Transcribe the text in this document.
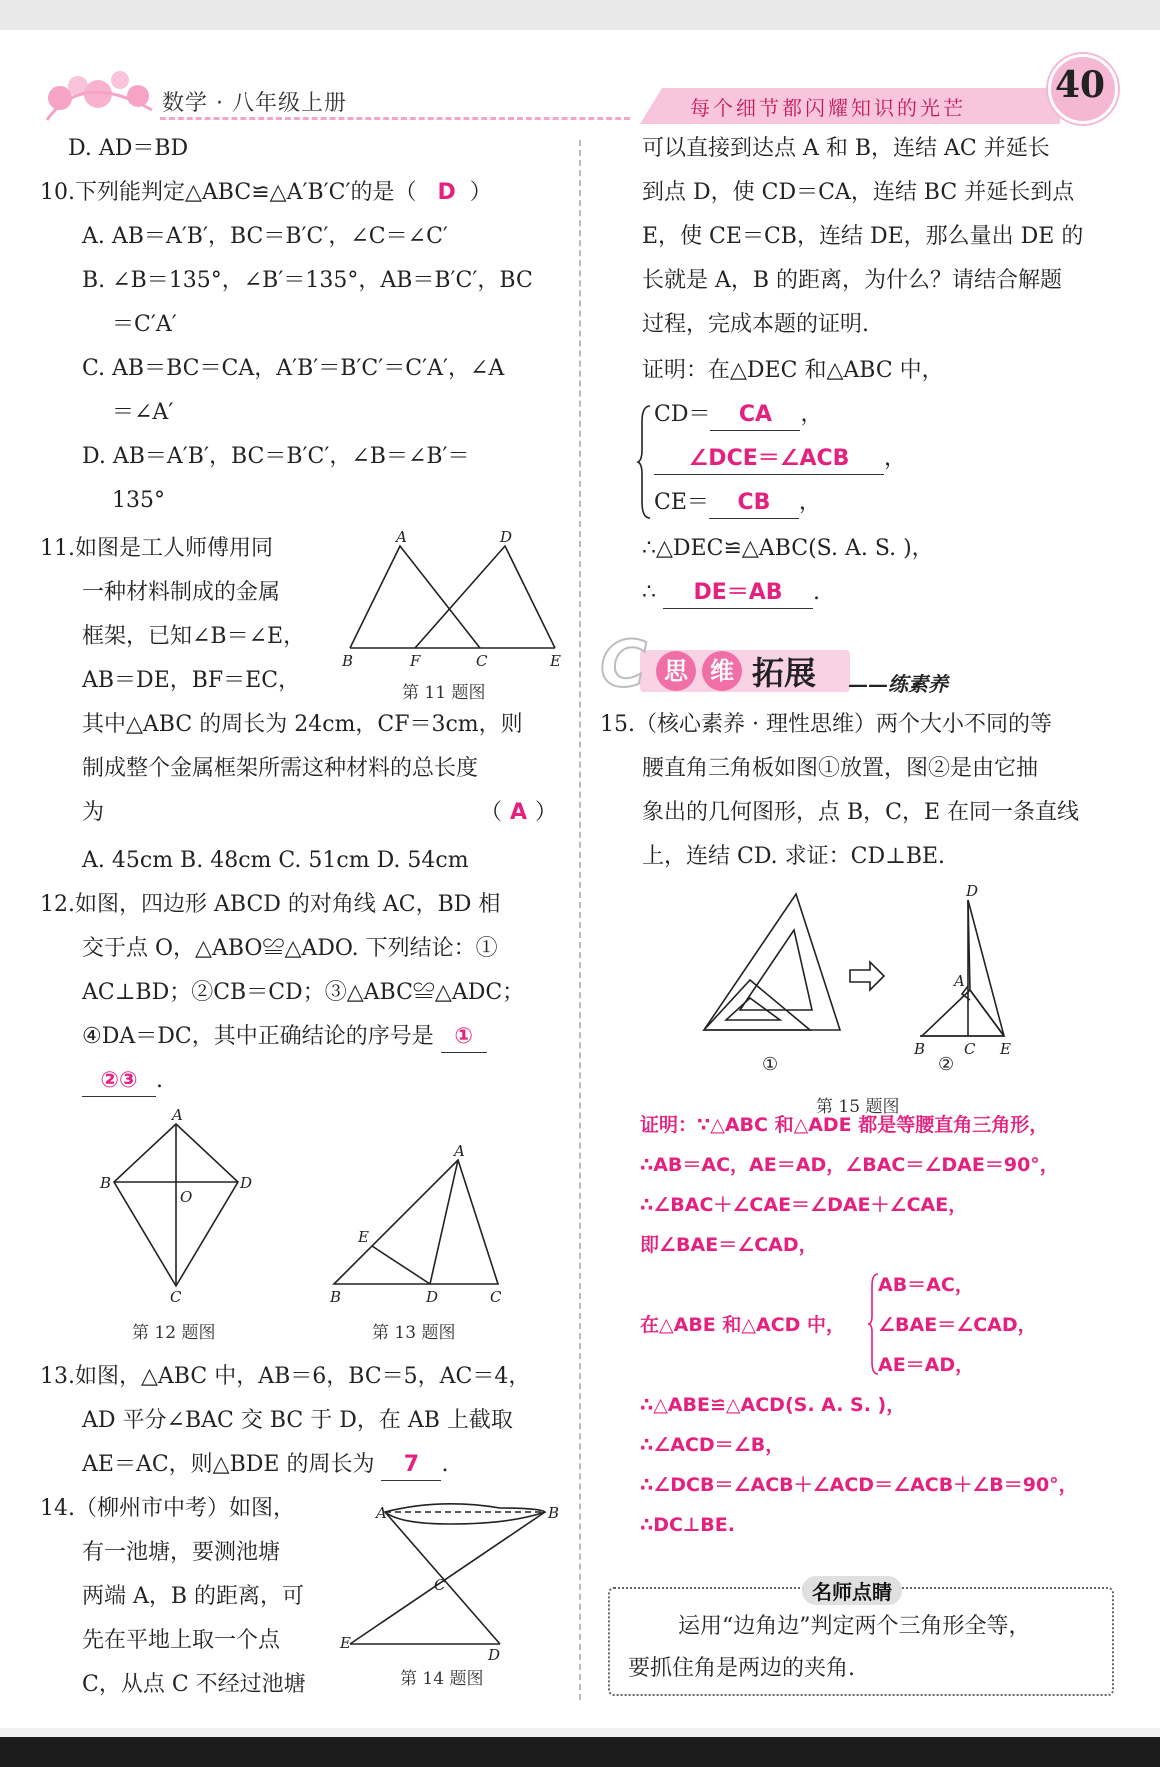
数学 · 八年级上册	每个细节都闪耀知识的光芒
40
D. AD＝BD
10.下列能判定△ABC≌△A′B′C′的是（ D ）
A. AB＝A′B′，BC＝B′C′，∠C＝∠C′
B. ∠B＝135°，∠B′＝135°，AB＝B′C′，BC
＝C′A′
C. AB＝BC＝CA，A′B′＝B′C′＝C′A′，∠A
＝∠A′
D. AB＝A′B′，BC＝B′C′，∠B＝∠B′＝
135°
11.如图是工人师傅用同
一种材料制成的金属
框架，已知∠B＝∠E，
AB＝DE，BF＝EC，
其中△ABC 的周长为 24cm，CF＝3cm，则
制成整个金属框架所需这种材料的总长度
为	（ A ）
A. 45cm B. 48cm C. 51cm D. 54cm
A	D
B	F	C	E
第 11 题图
12.如图，四边形 ABCD 的对角线 AC，BD 相
交于点 O，△ABO≌△ADO. 下列结论：①
AC⊥BD；②CB＝CD；③△ABC≌△ADC；
④DA＝DC，其中正确结论的序号是 ①
②③ .
A
B
O
D
C
第 12 题图
A
E
B	D	C
第 13 题图
13.如图，△ABC 中，AB＝6，BC＝5，AC＝4，
AD 平分∠BAC 交 BC 于 D，在 AB 上截取
AE＝AC，则△BDE 的周长为 7 .
14.（柳州市中考）如图，
有一池塘，要测池塘
两端 A，B 的距离，可
先在平地上取一个点
C，从点 C 不经过池塘
A	B
C
E
D
第 14 题图
可以直接到达点 A 和 B，连结 AC 并延长
到点 D，使 CD＝CA，连结 BC 并延长到点
E，使 CE＝CB，连结 DE，那么量出 DE 的
长就是 A，B 的距离，为什么？请结合解题
过程，完成本题的证明.
证明：在△DEC 和△ABC 中，
CD＝ CA ，
∠DCE＝∠ACB ，
CE＝ CB ，
∴△DEC≌△ABC(S. A. S. )，
∴ DE＝AB .
C 思 维 拓展 ——练素养
15.（核心素养 · 理性思维）两个大小不同的等
腰直角三角板如图①放置，图②是由它抽
象出的几何图形，点 B，C，E 在同一条直线
上，连结 CD. 求证：CD⊥BE.
D
A
B	C E
①	②
第 15 题图
证明：∵△ABC 和△ADE 都是等腰直角三角形，
∴AB＝AC，AE＝AD，∠BAC＝∠DAE＝90°，
∴∠BAC＋∠CAE＝∠DAE＋∠CAE，
即∠BAE＝∠CAD，
AB＝AC，
在△ABE 和△ACD 中， ∠BAE＝∠CAD，
AE＝AD，
∴△ABE≌△ACD(S. A. S. )，
∴∠ACD＝∠B，
∴∠DCB＝∠ACB＋∠ACD＝∠ACB＋∠B＝90°，
∴DC⊥BE.
名师点睛
运用“边角边”判定两个三角形全等，
要抓住角是两边的夹角.
